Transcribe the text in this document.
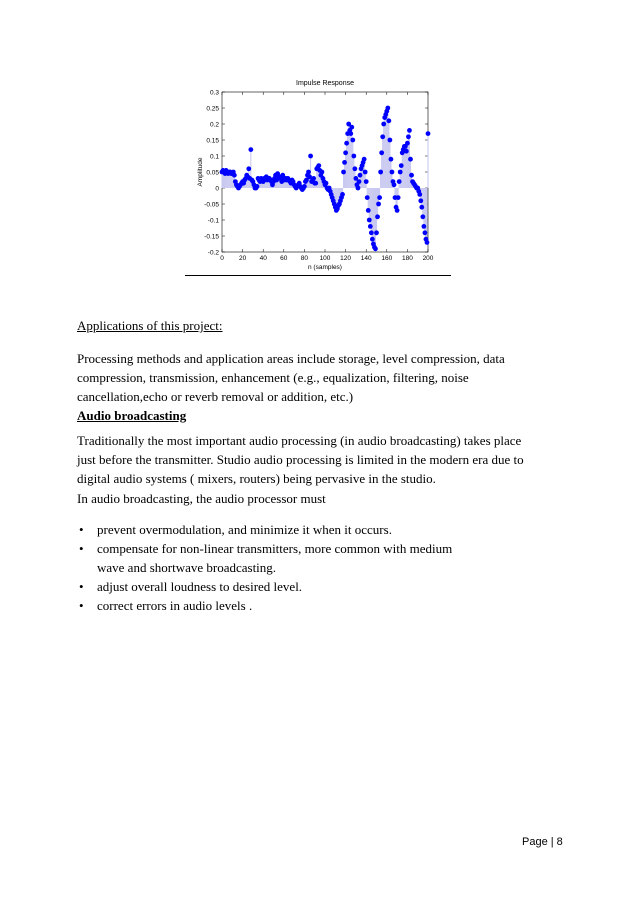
Impulse Response
0.3
0.25
0.2
0.15
0.1
0.05
0
-0.05
-0.1
-0.15
-0.2
0 20 40 60 80 100 120 140 160 180 200
n (samples)
Amplitude
Applications of this project:

Processing methods and application areas include storage, level compression, data compression, transmission, enhancement (e.g., equalization, filtering, noise cancellation,echo or reverb removal or addition, etc.)

Audio broadcasting

Traditionally the most important audio processing (in audio broadcasting) takes place just before the transmitter. Studio audio processing is limited in the modern era due to digital audio systems ( mixers, routers) being pervasive in the studio.

In audio broadcasting, the audio processor must

• prevent overmodulation, and minimize it when it occurs.
• compensate for non-linear transmitters, more common with medium wave and shortwave broadcasting.
• adjust overall loudness to desired level.
• correct errors in audio levels .
Page | 8
